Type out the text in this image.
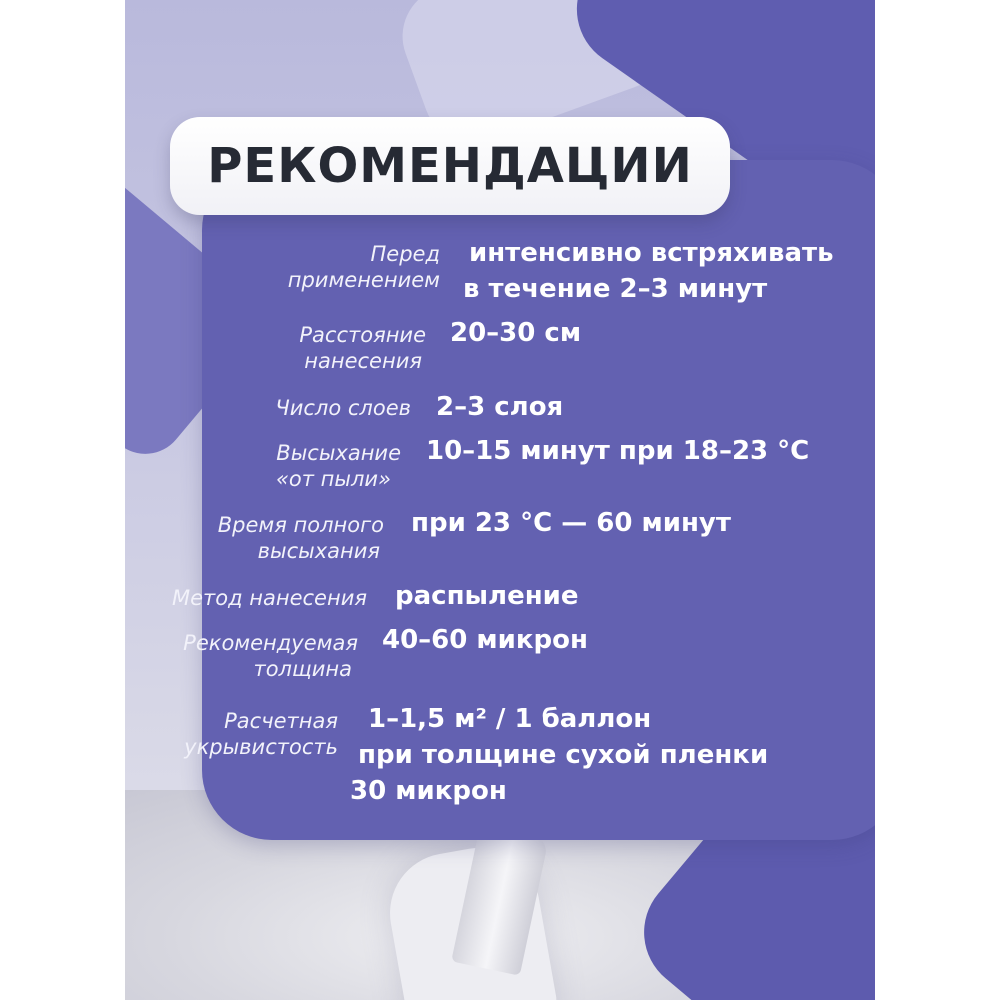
РЕКОМЕНДАЦИИ
Перед
применением
интенсивно встряхивать
в течение 2–3 минут
Расстояние
нанесения
20–30 см
Число слоев 2–3 слоя
Высыхание
«от пыли»
10–15 минут при 18–23 °С
Время полного
высыхания
при 23 °С — 60 минут
Метод нанесения распыление
Рекомендуемая
толщина
40–60 микрон
Расчетная
укрывистость
1–1,5 м² / 1 баллон
при толщине сухой пленки
30 микрон
